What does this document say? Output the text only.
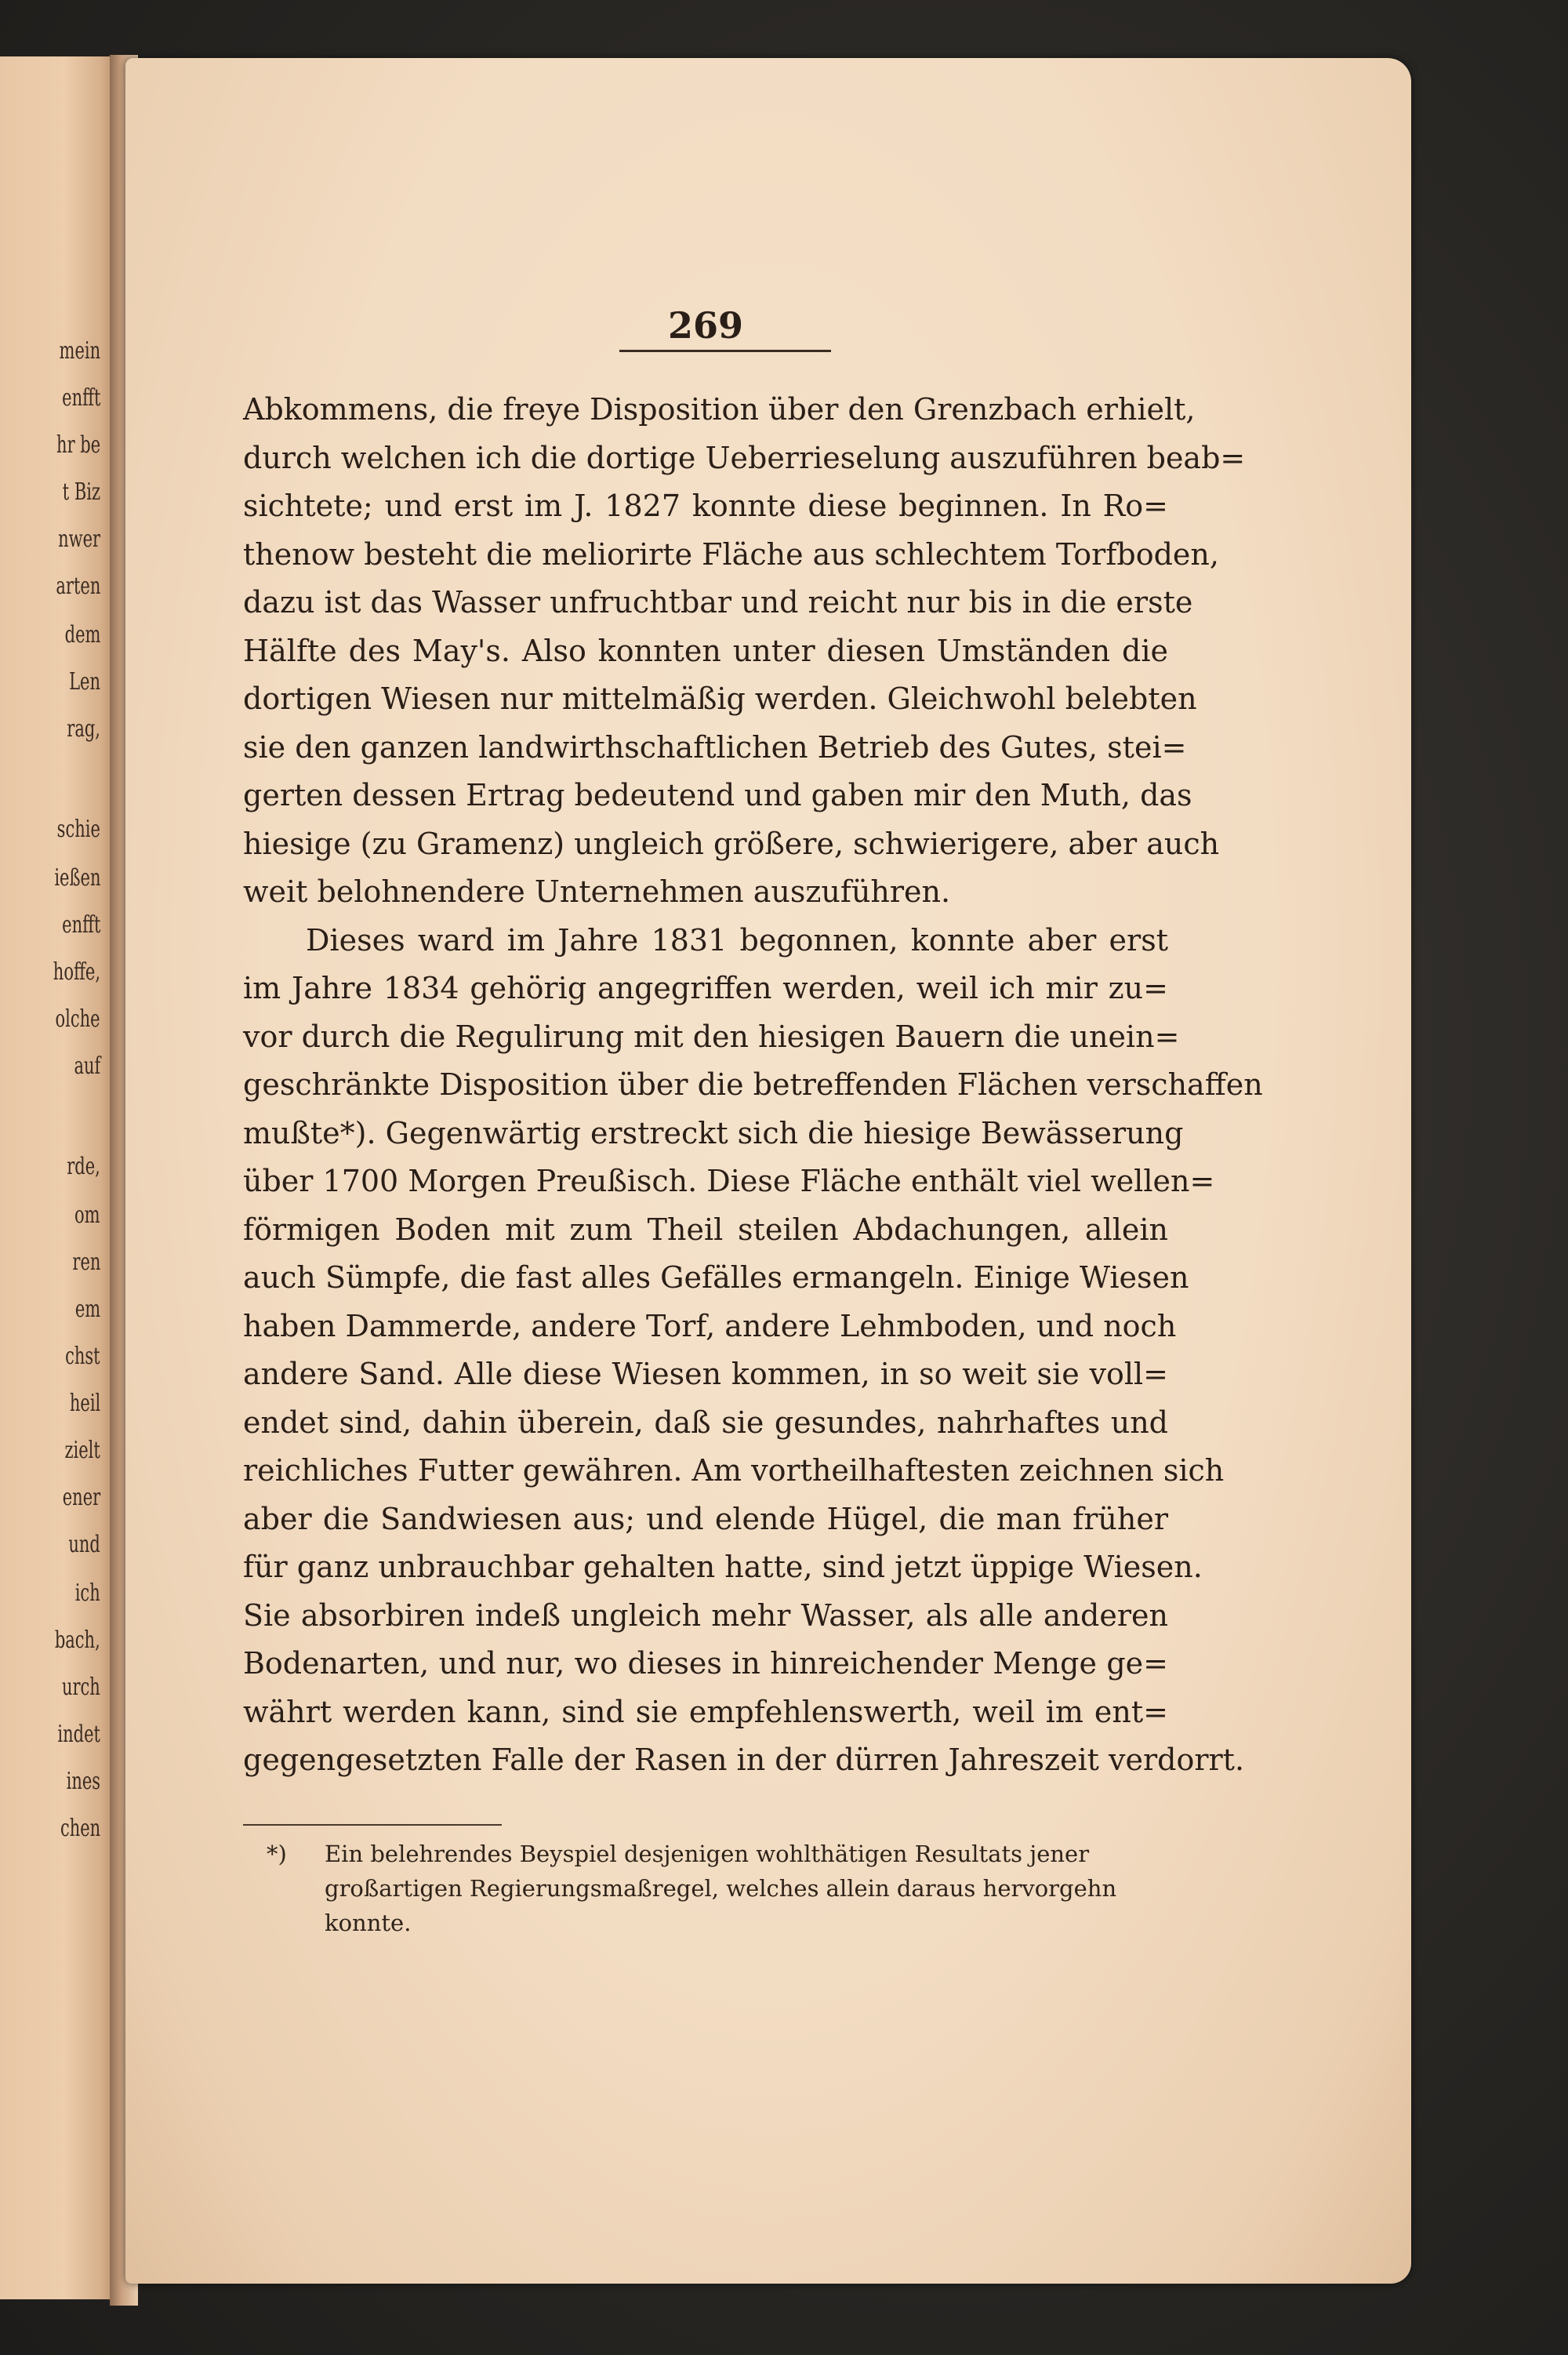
mein
enfft
hr be
t Biz
nwer
arten
dem
Len
rag,
schie
ießen
enfft
hoffe,
olche
auf
rde,
om
ren
em
chst
heil
zielt
ener
und
ich
bach,
urch
indet
ines
chen
269
Abkommens, die freye Disposition über den Grenzbach erhielt,
durch welchen ich die dortige Ueberrieselung auszuführen beab=
sichtete; und erst im J. 1827 konnte diese beginnen. In Ro=
thenow besteht die meliorirte Fläche aus schlechtem Torfboden,
dazu ist das Wasser unfruchtbar und reicht nur bis in die erste
Hälfte des May's. Also konnten unter diesen Umständen die
dortigen Wiesen nur mittelmäßig werden. Gleichwohl belebten
sie den ganzen landwirthschaftlichen Betrieb des Gutes, stei=
gerten dessen Ertrag bedeutend und gaben mir den Muth, das
hiesige (zu Gramenz) ungleich größere, schwierigere, aber auch
weit belohnendere Unternehmen auszuführen.
Dieses ward im Jahre 1831 begonnen, konnte aber erst
im Jahre 1834 gehörig angegriffen werden, weil ich mir zu=
vor durch die Regulirung mit den hiesigen Bauern die unein=
geschränkte Disposition über die betreffenden Flächen verschaffen
mußte*). Gegenwärtig erstreckt sich die hiesige Bewässerung
über 1700 Morgen Preußisch. Diese Fläche enthält viel wellen=
förmigen Boden mit zum Theil steilen Abdachungen, allein
auch Sümpfe, die fast alles Gefälles ermangeln. Einige Wiesen
haben Dammerde, andere Torf, andere Lehmboden, und noch
andere Sand. Alle diese Wiesen kommen, in so weit sie voll=
endet sind, dahin überein, daß sie gesundes, nahrhaftes und
reichliches Futter gewähren. Am vortheilhaftesten zeichnen sich
aber die Sandwiesen aus; und elende Hügel, die man früher
für ganz unbrauchbar gehalten hatte, sind jetzt üppige Wiesen.
Sie absorbiren indeß ungleich mehr Wasser, als alle anderen
Bodenarten, und nur, wo dieses in hinreichender Menge ge=
währt werden kann, sind sie empfehlenswerth, weil im ent=
gegengesetzten Falle der Rasen in der dürren Jahreszeit verdorrt.
*) Ein belehrendes Beyspiel desjenigen wohlthätigen Resultats jener
großartigen Regierungsmaßregel, welches allein daraus hervorgehn
konnte.
